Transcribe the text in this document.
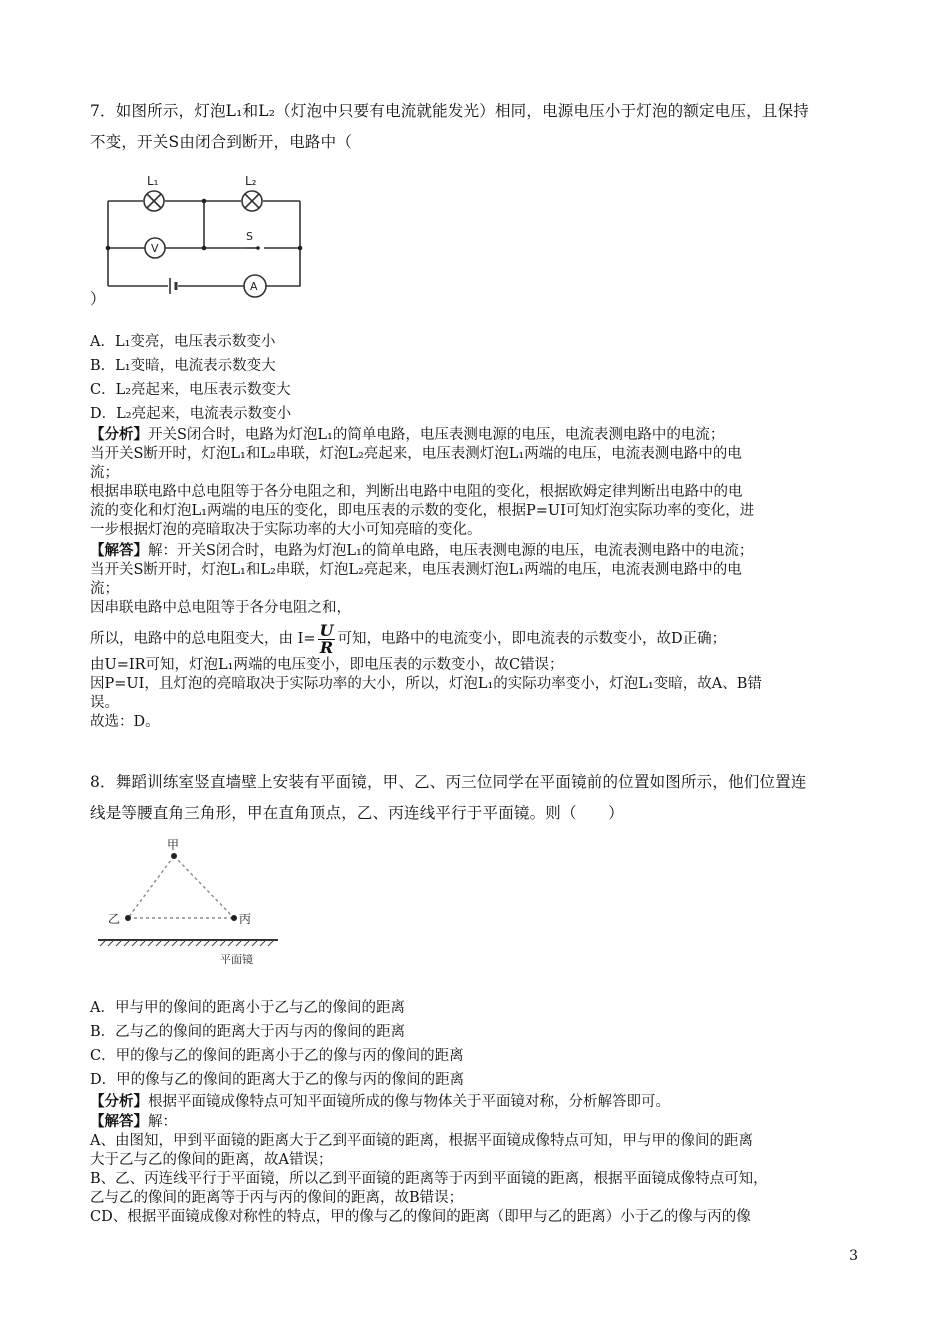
7．如图所示，灯泡L₁和L₂（灯泡中只要有电流就能发光）相同，电源电压小于灯泡的额定电压，且保持
不变，开关S由闭合到断开，电路中（
L₁	L₂
V
S
A
）
A．L₁变亮，电压表示数变小
B．L₁变暗，电流表示数变大
C．L₂亮起来，电压表示数变大
D．L₂亮起来，电流表示数变小
【分析】开关S闭合时，电路为灯泡L₁的简单电路，电压表测电源的电压，电流表测电路中的电流；
当开关S断开时，灯泡L₁和L₂串联，灯泡L₂亮起来，电压表测灯泡L₁两端的电压，电流表测电路中的电
流；
根据串联电路中总电阻等于各分电阻之和，判断出电路中电阻的变化，根据欧姆定律判断出电路中的电
流的变化和灯泡L₁两端的电压的变化，即电压表的示数的变化，根据P=UI可知灯泡实际功率的变化，进
一步根据灯泡的亮暗取决于实际功率的大小可知亮暗的变化。
【解答】解：开关S闭合时，电路为灯泡L₁的简单电路，电压表测电源的电压，电流表测电路中的电流；
当开关S断开时，灯泡L₁和L₂串联，灯泡L₂亮起来，电压表测灯泡L₁两端的电压，电流表测电路中的电
流；
因串联电路中总电阻等于各分电阻之和，
所以，电路中的总电阻变大，由 $I= \frac{U}{R}$ 可知，电路中的电流变小，即电流表的示数变小，故D正确；
由U=IR可知，灯泡L₁两端的电压变小，即电压表的示数变小，故C错误；
因P=UI，且灯泡的亮暗取决于实际功率的大小，所以，灯泡L₁的实际功率变小，灯泡L₁变暗，故A、B错
误。
故选：D。
8．舞蹈训练室竖直墙壁上安装有平面镜，甲、乙、丙三位同学在平面镜前的位置如图所示，他们位置连
线是等腰直角三角形，甲在直角顶点，乙、丙连线平行于平面镜。则（　　）
甲
乙	丙
平面镜
A．甲与甲的像间的距离小于乙与乙的像间的距离
B．乙与乙的像间的距离大于丙与丙的像间的距离
C．甲的像与乙的像间的距离小于乙的像与丙的像间的距离
D．甲的像与乙的像间的距离大于乙的像与丙的像间的距离
【分析】根据平面镜成像特点可知平面镜所成的像与物体关于平面镜对称，分析解答即可。
【解答】解：
A、由图知，甲到平面镜的距离大于乙到平面镜的距离，根据平面镜成像特点可知，甲与甲的像间的距离
大于乙与乙的像间的距离，故A错误；
B、乙、丙连线平行于平面镜，所以乙到平面镜的距离等于丙到平面镜的距离，根据平面镜成像特点可知，
乙与乙的像间的距离等于丙与丙的像间的距离，故B错误；
CD、根据平面镜成像对称性的特点，甲的像与乙的像间的距离（即甲与乙的距离）小于乙的像与丙的像
3
